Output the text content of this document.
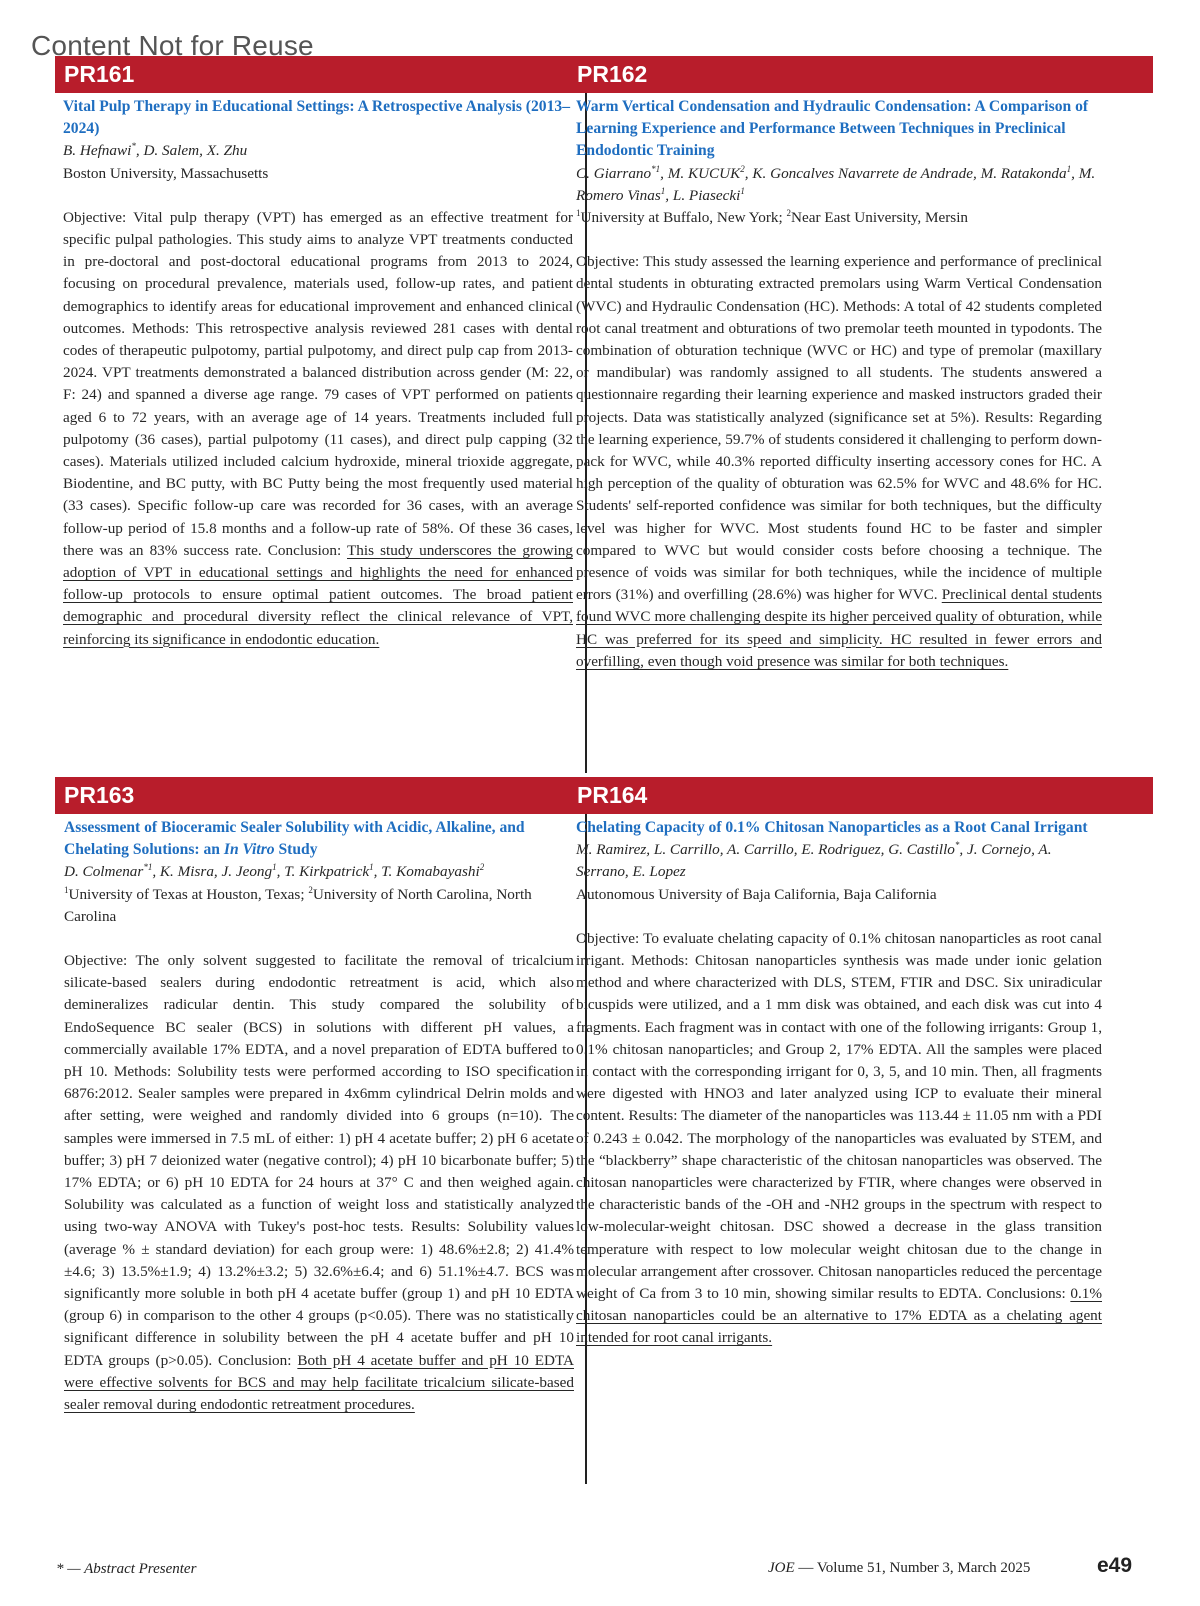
Content Not for Reuse
PR161	PR162
Vital Pulp Therapy in Educational Settings: A Retrospective Analysis (2013–2024)
B. Hefnawi*, D. Salem, X. Zhu
Boston University, Massachusetts
Objective: Vital pulp therapy (VPT) has emerged as an effective treatment for specific pulpal pathologies. This study aims to analyze VPT treatments conducted in pre-doctoral and post-doctoral educational programs from 2013 to 2024, focusing on procedural prevalence, materials used, follow-up rates, and patient demographics to identify areas for educational improvement and enhanced clinical outcomes. Methods: This retrospective analysis reviewed 281 cases with dental codes of therapeutic pulpotomy, partial pulpotomy, and direct pulp cap from 2013-2024. VPT treatments demonstrated a balanced distribution across gender (M: 22, F: 24) and spanned a diverse age range. 79 cases of VPT performed on patients aged 6 to 72 years, with an average age of 14 years. Treatments included full pulpotomy (36 cases), partial pulpotomy (11 cases), and direct pulp capping (32 cases). Materials utilized included calcium hydroxide, mineral trioxide aggregate, Biodentine, and BC putty, with BC Putty being the most frequently used material (33 cases). Specific follow-up care was recorded for 36 cases, with an average follow-up period of 15.8 months and a follow-up rate of 58%. Of these 36 cases, there was an 83% success rate. Conclusion: This study underscores the growing adoption of VPT in educational settings and highlights the need for enhanced follow-up protocols to ensure optimal patient outcomes. The broad patient demographic and procedural diversity reflect the clinical relevance of VPT, reinforcing its significance in endodontic education.
Warm Vertical Condensation and Hydraulic Condensation: A Comparison of Learning Experience and Performance Between Techniques in Preclinical Endodontic Training
C. Giarrano$^{*1}$, M. KUCUK$^2$, K. Goncalves Navarrete de Andrade, M. Ratakonda$^1$, M. Romero Vinas$^1$, L. Piasecki$^1$
$^1$University at Buffalo, New York; $^2$Near East University, Mersin
Objective: This study assessed the learning experience and performance of preclinical dental students in obturating extracted premolars using Warm Vertical Condensation (WVC) and Hydraulic Condensation (HC). Methods: A total of 42 students completed root canal treatment and obturations of two premolar teeth mounted in typodonts. The combination of obturation technique (WVC or HC) and type of premolar (maxillary or mandibular) was randomly assigned to all students. The students answered a questionnaire regarding their learning experience and masked instructors graded their projects. Data was statistically analyzed (significance set at 5%). Results: Regarding the learning experience, 59.7% of students considered it challenging to perform down-pack for WVC, while 40.3% reported difficulty inserting accessory cones for HC. A high perception of the quality of obturation was 62.5% for WVC and 48.6% for HC. Students' self-reported confidence was similar for both techniques, but the difficulty level was higher for WVC. Most students found HC to be faster and simpler compared to WVC but would consider costs before choosing a technique. The presence of voids was similar for both techniques, while the incidence of multiple errors (31%) and overfilling (28.6%) was higher for WVC. Preclinical dental students found WVC more challenging despite its higher perceived quality of obturation, while HC was preferred for its speed and simplicity. HC resulted in fewer errors and overfilling, even though void presence was similar for both techniques.
PR163	PR164
Assessment of Bioceramic Sealer Solubility with Acidic, Alkaline, and Chelating Solutions: an In Vitro Study
D. Colmenar$^{*1}$, K. Misra, J. Jeong$^1$, T. Kirkpatrick$^1$, T. Komabayashi$^2$
$^1$University of Texas at Houston, Texas; $^2$University of North Carolina, North Carolina
Objective: The only solvent suggested to facilitate the removal of tricalcium silicate-based sealers during endodontic retreatment is acid, which also demineralizes radicular dentin. This study compared the solubility of EndoSequence BC sealer (BCS) in solutions with different pH values, a commercially available 17% EDTA, and a novel preparation of EDTA buffered to pH 10. Methods: Solubility tests were performed according to ISO specification 6876:2012. Sealer samples were prepared in 4x6mm cylindrical Delrin molds and after setting, were weighed and randomly divided into 6 groups (n=10). The samples were immersed in 7.5 mL of either: 1) pH 4 acetate buffer; 2) pH 6 acetate buffer; 3) pH 7 deionized water (negative control); 4) pH 10 bicarbonate buffer; 5) 17% EDTA; or 6) pH 10 EDTA for 24 hours at 37° C and then weighed again. Solubility was calculated as a function of weight loss and statistically analyzed using two-way ANOVA with Tukey's post-hoc tests. Results: Solubility values (average % ± standard deviation) for each group were: 1) 48.6%±2.8; 2) 41.4%±4.6; 3) 13.5%±1.9; 4) 13.2%±3.2; 5) 32.6%±6.4; and 6) 51.1%±4.7. BCS was significantly more soluble in both pH 4 acetate buffer (group 1) and pH 10 EDTA (group 6) in comparison to the other 4 groups (p<0.05). There was no statistically significant difference in solubility between the pH 4 acetate buffer and pH 10 EDTA groups (p>0.05). Conclusion: Both pH 4 acetate buffer and pH 10 EDTA were effective solvents for BCS and may help facilitate tricalcium silicate-based sealer removal during endodontic retreatment procedures.
Chelating Capacity of 0.1% Chitosan Nanoparticles as a Root Canal Irrigant
M. Ramirez, L. Carrillo, A. Carrillo, E. Rodriguez, G. Castillo*, J. Cornejo, A. Serrano, E. Lopez
Autonomous University of Baja California, Baja California
Objective: To evaluate chelating capacity of 0.1% chitosan nanoparticles as root canal irrigant. Methods: Chitosan nanoparticles synthesis was made under ionic gelation method and where characterized with DLS, STEM, FTIR and DSC. Six uniradicular bicuspids were utilized, and a 1 mm disk was obtained, and each disk was cut into 4 fragments. Each fragment was in contact with one of the following irrigants: Group 1, 0.1% chitosan nanoparticles; and Group 2, 17% EDTA. All the samples were placed in contact with the corresponding irrigant for 0, 3, 5, and 10 min. Then, all fragments were digested with HNO3 and later analyzed using ICP to evaluate their mineral content. Results: The diameter of the nanoparticles was 113.44 ± 11.05 nm with a PDI of 0.243 ± 0.042. The morphology of the nanoparticles was evaluated by STEM, and the “blackberry” shape characteristic of the chitosan nanoparticles was observed. The chitosan nanoparticles were characterized by FTIR, where changes were observed in the characteristic bands of the -OH and -NH2 groups in the spectrum with respect to low-molecular-weight chitosan. DSC showed a decrease in the glass transition temperature with respect to low molecular weight chitosan due to the change in molecular arrangement after crossover. Chitosan nanoparticles reduced the percentage weight of Ca from 3 to 10 min, showing similar results to EDTA. Conclusions: 0.1% chitosan nanoparticles could be an alternative to 17% EDTA as a chelating agent intended for root canal irrigants.
* — Abstract Presenter	JOE — Volume 51, Number 3, March 2025	e49
